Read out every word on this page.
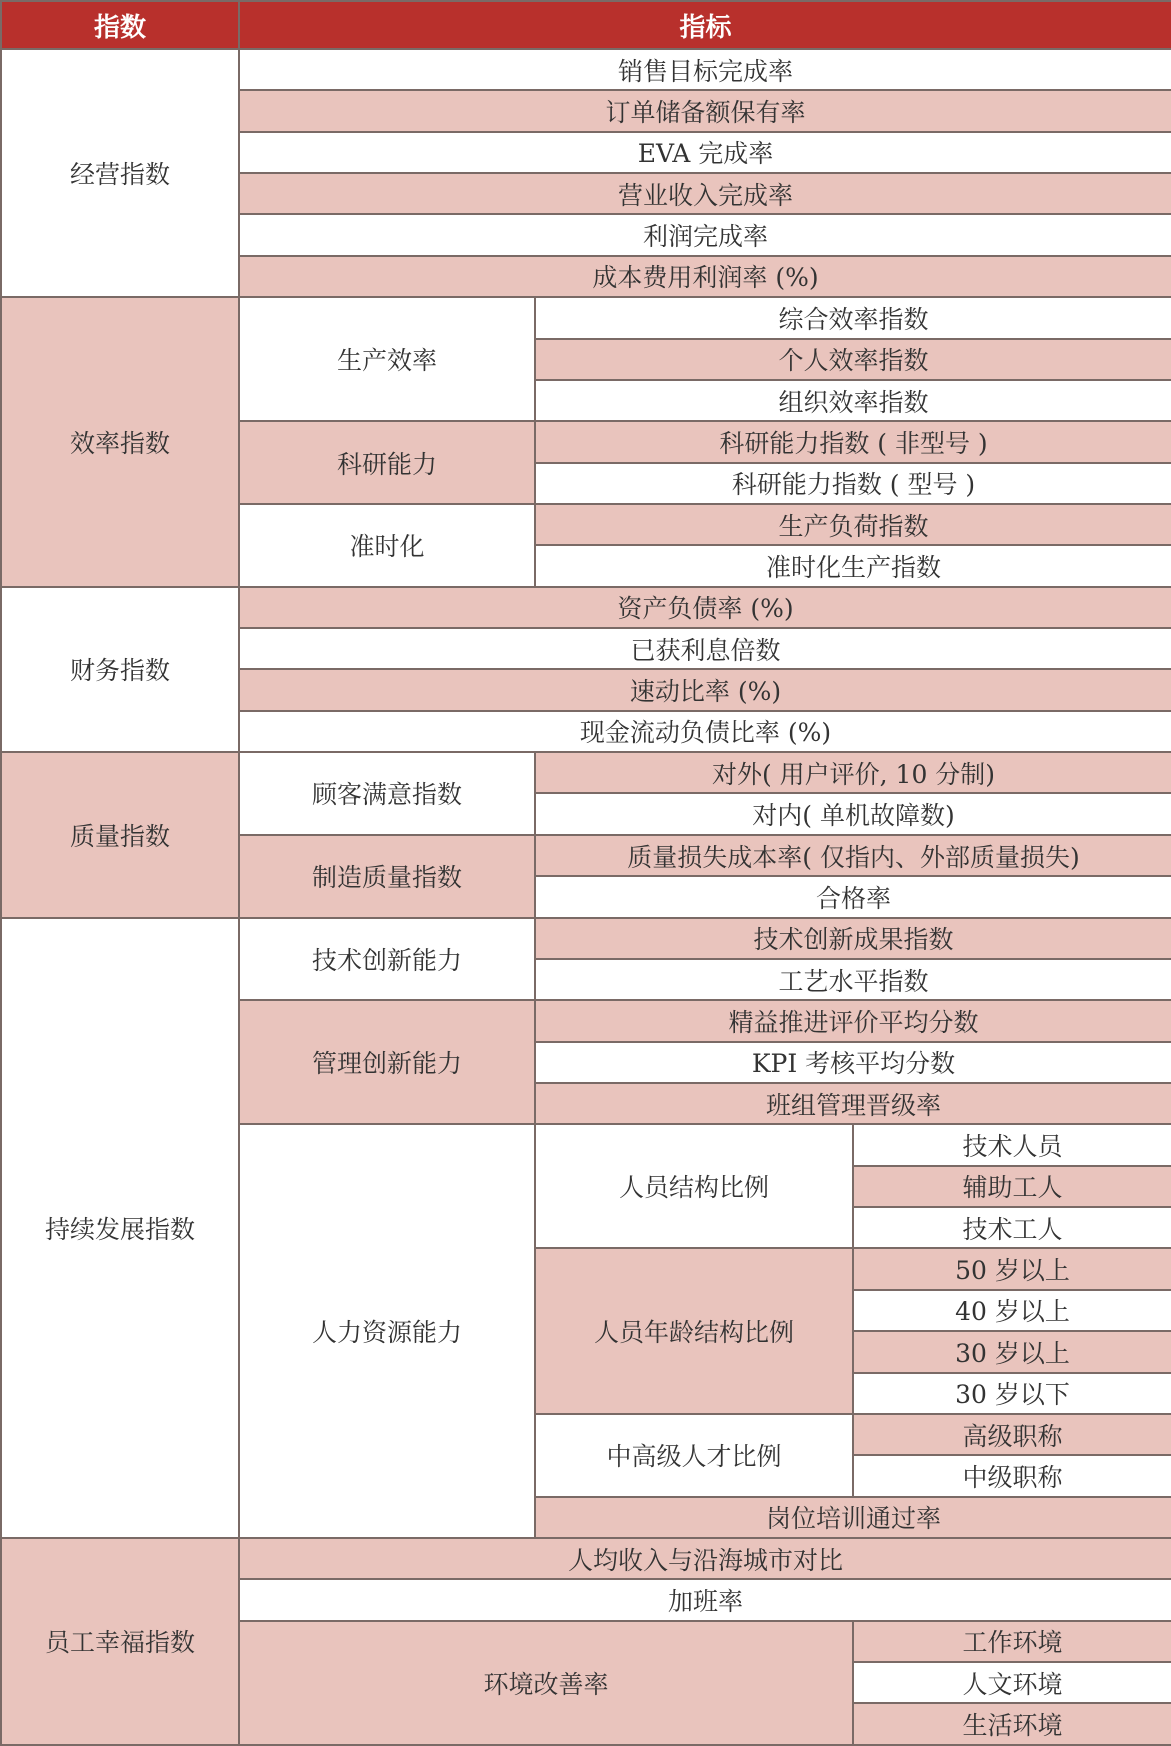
指数	指标		
经营指数	销售目标完成率		
	订单储备额保有率		
	EVA 完成率		
	营业收入完成率		
	利润完成率		
	成本费用利润率 (%)		
效率指数	生产效率	综合效率指数	
		个人效率指数	
		组织效率指数	
	科研能力	科研能力指数 ( 非型号 )	
		科研能力指数 ( 型号 )	
	准时化	生产负荷指数	
		准时化生产指数	
财务指数	资产负债率 (%)		
	已获利息倍数		
	速动比率 (%)		
	现金流动负债比率 (%)		
质量指数	顾客满意指数	对外( 用户评价, 10 分制)	
		对内( 单机故障数)	
	制造质量指数	质量损失成本率( 仅指内、外部质量损失)	
		合格率	
持续发展指数	技术创新能力	技术创新成果指数	
		工艺水平指数	
	管理创新能力	精益推进评价平均分数	
		KPI 考核平均分数	
		班组管理晋级率	
	人力资源能力	人员结构比例	技术人员
			辅助工人
			技术工人
		人员年龄结构比例	50 岁以上
			40 岁以上
			30 岁以上
			30 岁以下
		中高级人才比例	高级职称
			中级职称
		岗位培训通过率	
员工幸福指数	人均收入与沿海城市对比		
	加班率		
	环境改善率		工作环境
			人文环境
			生活环境
